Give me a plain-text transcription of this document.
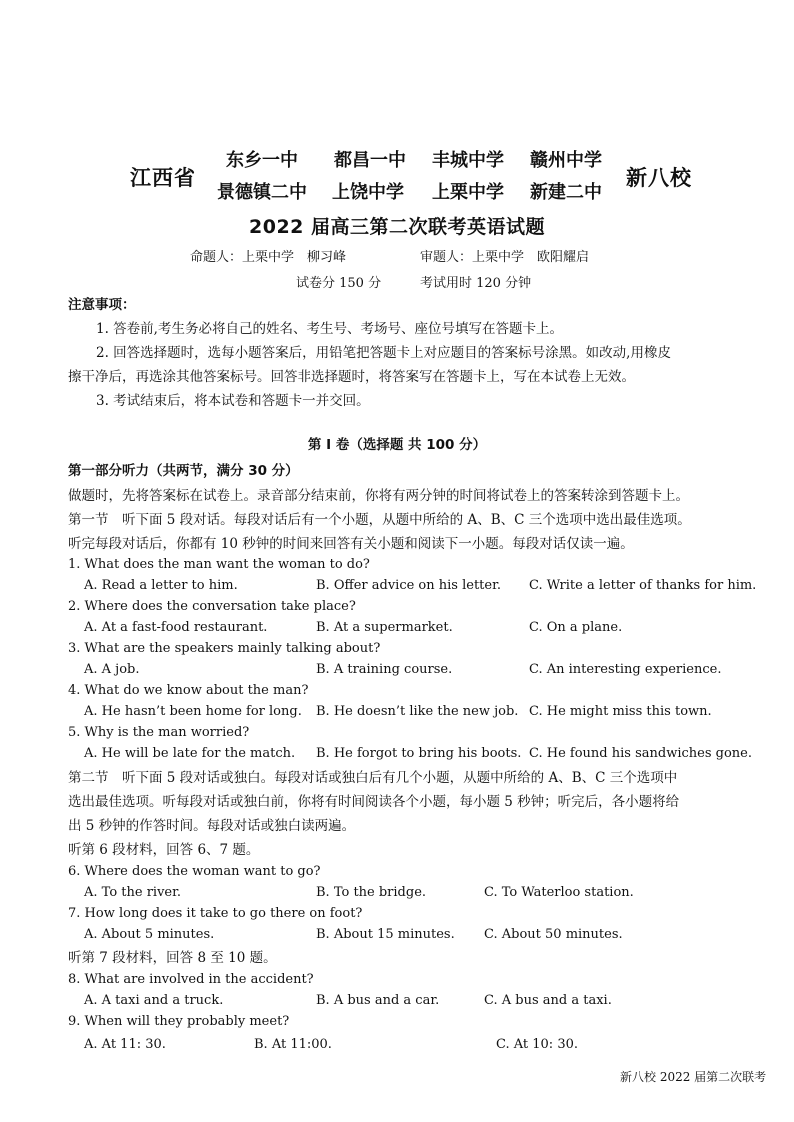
江西省
东乡一中 都昌一中 丰城中学 赣州中学
景德镇二中 上饶中学 上栗中学 新建二中
新八校
2022 届高三第二次联考英语试题
命题人：上栗中学　柳习峰	审题人：上栗中学　欧阳耀启
试卷分 150 分	考试用时 120 分钟
注意事项：
1. 答卷前,考生务必将自己的姓名、考生号、考场号、座位号填写在答题卡上。
2. 回答选择题时，选每小题答案后，用铅笔把答题卡上对应题目的答案标号涂黑。如改动,用橡皮
擦干净后，再选涂其他答案标号。回答非选择题时，将答案写在答题卡上，写在本试卷上无效。
3. 考试结束后，将本试卷和答题卡一并交回。
第 I 卷（选择题 共 100 分）
第一部分听力（共两节，满分 30 分）
做题时，先将答案标在试卷上。录音部分结束前，你将有两分钟的时间将试卷上的答案转涂到答题卡上。
第一节　听下面 5 段对话。每段对话后有一个小题，从题中所给的 A、B、C 三个选项中选出最佳选项。
听完每段对话后，你都有 10 秒钟的时间来回答有关小题和阅读下一小题。每段对话仅读一遍。
1. What does the man want the woman to do?
A. Read a letter to him.	B. Offer advice on his letter. C. Write a letter of thanks for him.
2. Where does the conversation take place?
A. At a fast-food restaurant.	B. At a supermarket.	C. On a plane.
3. What are the speakers mainly talking about?
A. A job.	B. A training course.	C. An interesting experience.
4. What do we know about the man?
A. He hasn’t been home for long. B. He doesn’t like the new job. C. He might miss this town.
5. Why is the man worried?
A. He will be late for the match. B. He forgot to bring his boots. C. He found his sandwiches gone.
第二节　听下面 5 段对话或独白。每段对话或独白后有几个小题，从题中所给的 A、B、C 三个选项中
选出最佳选项。听每段对话或独白前，你将有时间阅读各个小题，每小题 5 秒钟；听完后，各小题将给
出 5 秒钟的作答时间。每段对话或独白读两遍。
听第 6 段材料，回答 6、7 题。
6. Where does the woman want to go?
A. To the river.	B. To the bridge.	C. To Waterloo station.
7. How long does it take to go there on foot?
A. About 5 minutes.	B. About 15 minutes. C. About 50 minutes.
听第 7 段材料，回答 8 至 10 题。
8. What are involved in the accident?
A. A taxi and a truck.	B. A bus and a car.	C. A bus and a taxi.
9. When will they probably meet?
A. At 11: 30.	B. At 11:00.	C. At 10: 30.
新八校 2022 届第二次联考
